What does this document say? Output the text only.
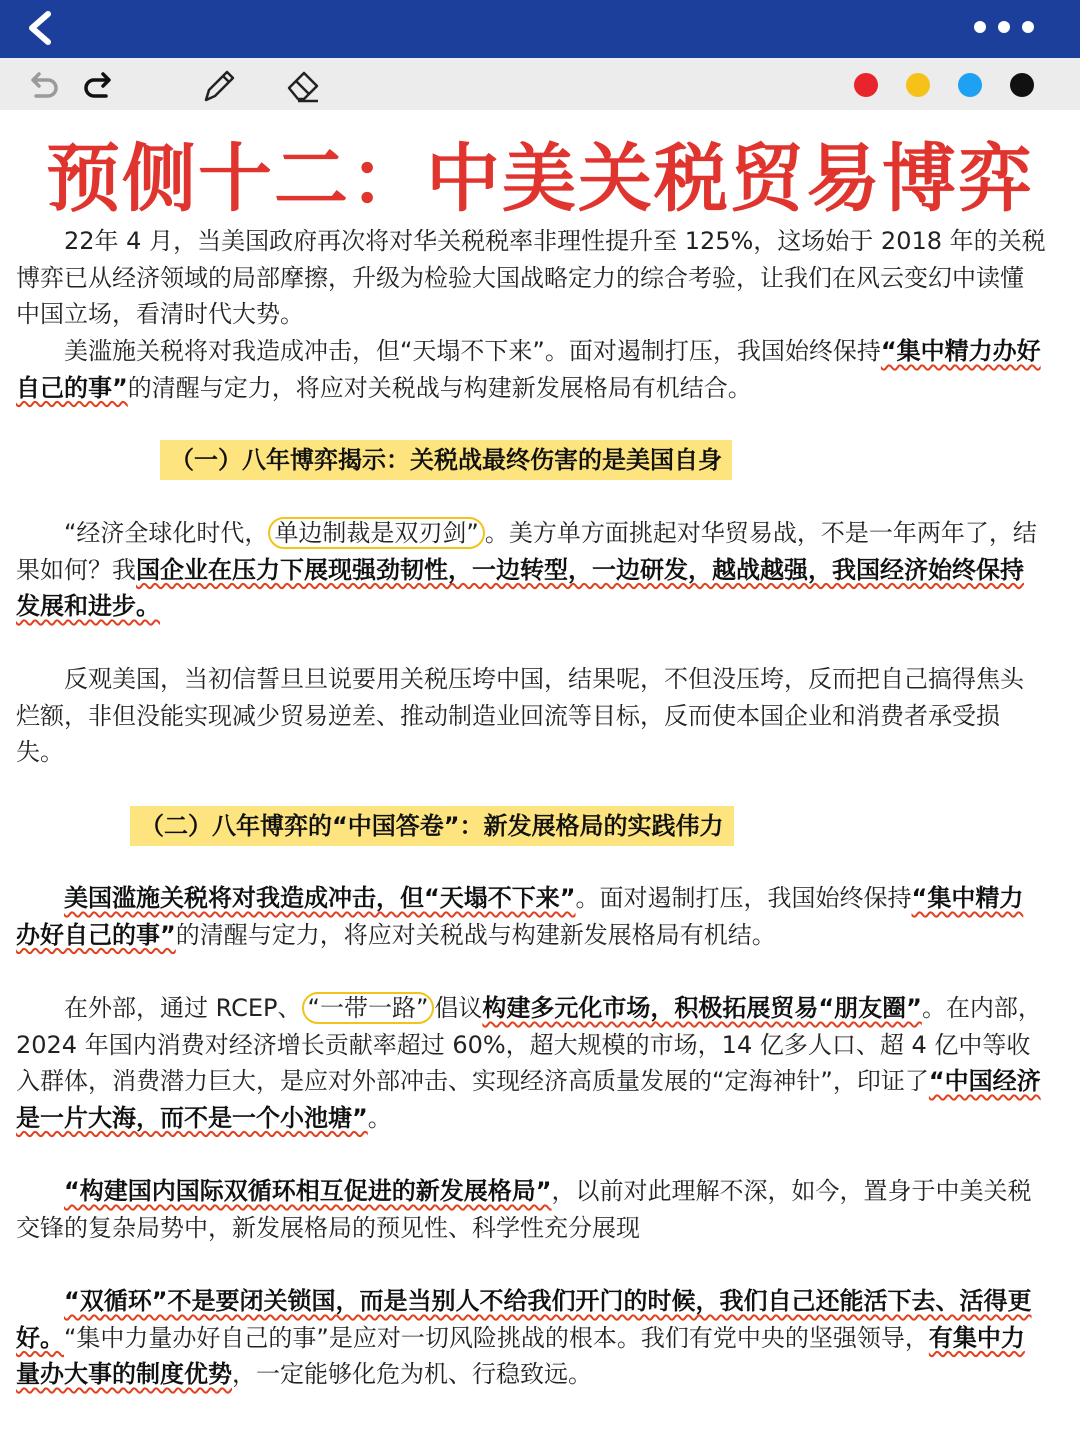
预侧十二：中美关税贸易博弈
22年 4 月，当美国政府再次将对华关税税率非理性提升至 125%，这场始于 2018 年的关税博弈已从经济领域的局部摩擦，升级为检验大国战略定力的综合考验，让我们在风云变幻中读懂中国立场，看清时代大势。
美滥施关税将对我造成冲击，但“天塌不下来”。面对遏制打压，我国始终保持“集中精力办好自己的事”的清醒与定力，将应对关税战与构建新发展格局有机结合。
（一）八年博弈揭示：关税战最终伤害的是美国自身
“经济全球化时代， 单边制裁是双刃剑” 。美方单方面挑起对华贸易战，不是一年两年了，结果如何？我国企业在压力下展现强劲韧性，一边转型，一边研发，越战越强，我国经济始终保持发展和进步。
反观美国，当初信誓旦旦说要用关税压垮中国，结果呢，不但没压垮，反而把自己搞得焦头烂额，非但没能实现减少贸易逆差、推动制造业回流等目标，反而使本国企业和消费者承受损失。
（二）八年博弈的“中国答卷”：新发展格局的实践伟力
美国滥施关税将对我造成冲击，但“天塌不下来”。面对遏制打压，我国始终保持“集中精力办好自己的事”的清醒与定力，将应对关税战与构建新发展格局有机结。
在外部，通过 RCEP、 “一带一路” 倡议构建多元化市场，积极拓展贸易“朋友圈”。在内部，2024 年国内消费对经济增长贡献率超过 60%，超大规模的市场，14 亿多人口、超 4 亿中等收入群体，消费潜力巨大，是应对外部冲击、实现经济高质量发展的“定海神针”，印证了“中国经济是一片大海，而不是一个小池塘”。
“构建国内国际双循环相互促进的新发展格局”，以前对此理解不深，如今，置身于中美关税交锋的复杂局势中，新发展格局的预见性、科学性充分展现
“双循环”不是要闭关锁国，而是当别人不给我们开门的时候，我们自己还能活下去、活得更好。“集中力量办好自己的事”是应对一切风险挑战的根本。我们有党中央的坚强领导，有集中力量办大事的制度优势，一定能够化危为机、行稳致远。
